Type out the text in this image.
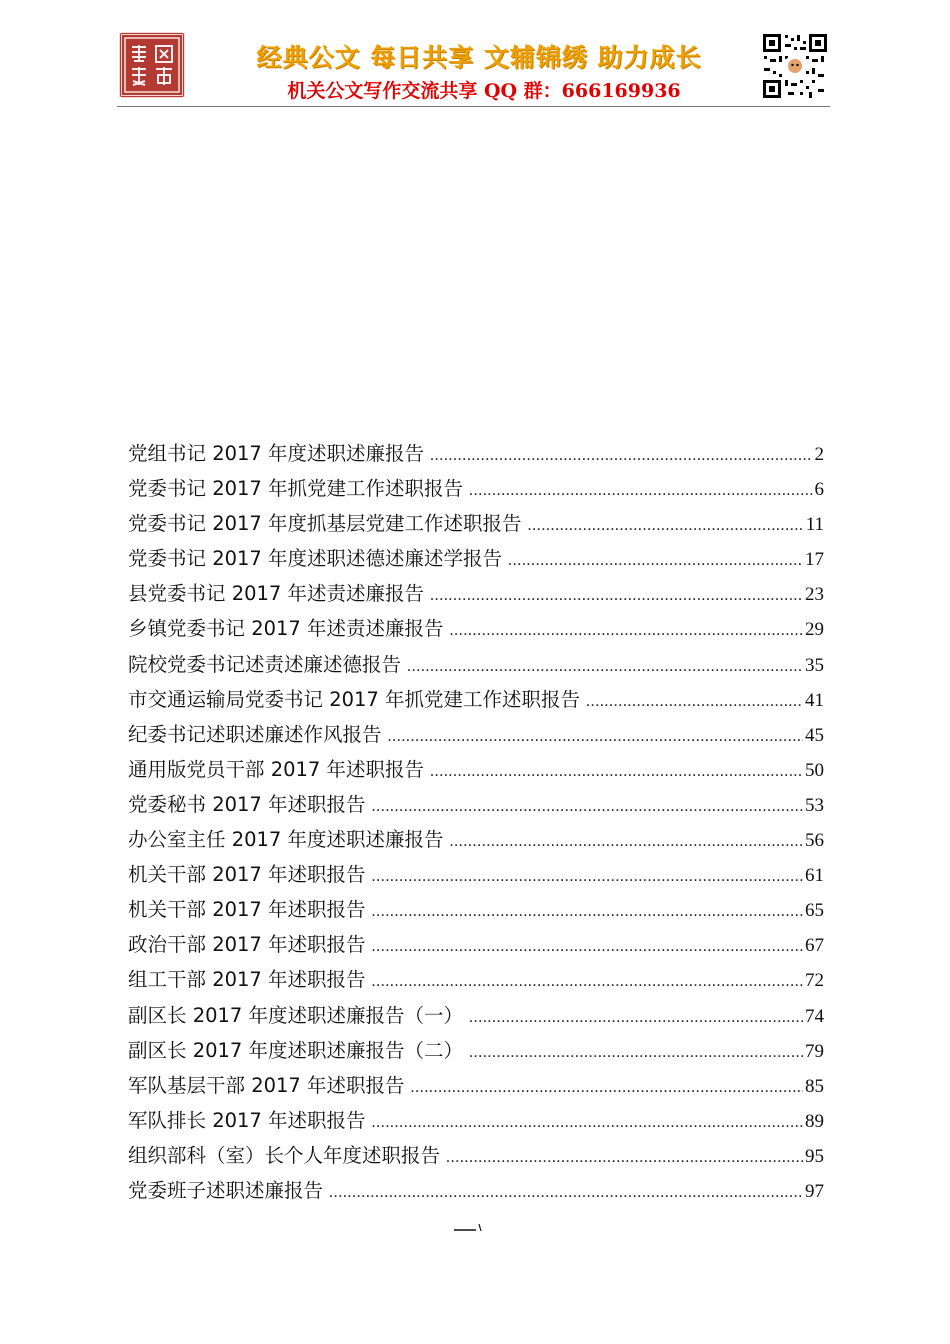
经典公文 每日共享 文辅锦绣 助力成长
机关公文写作交流共享 QQ 群：666169936
党组书记 2017 年度述职述廉报告 .....	2
党委书记 2017 年抓党建工作述职报告 .....	6
党委书记 2017 年度抓基层党建工作述职报告 .....	11
党委书记 2017 年度述职述德述廉述学报告 .....	17
县党委书记 2017 年述责述廉报告 .....	23
乡镇党委书记 2017 年述责述廉报告 .....	29
院校党委书记述责述廉述德报告 .....	35
市交通运输局党委书记 2017 年抓党建工作述职报告 .....	41
纪委书记述职述廉述作风报告 .....	45
通用版党员干部 2017 年述职报告 .....	50
党委秘书 2017 年述职报告 .....	53
办公室主任 2017 年度述职述廉报告 .....	56
机关干部 2017 年述职报告 .....	61
机关干部 2017 年述职报告 .....	65
政治干部 2017 年述职报告 .....	67
组工干部 2017 年述职报告 .....	72
副区长 2017 年度述职述廉报告（一） .....	74
副区长 2017 年度述职述廉报告（二） .....	79
军队基层干部 2017 年述职报告 .....	85
军队排长 2017 年述职报告 .....	89
组织部科（室）长个人年度述职报告 .....	95
党委班子述职述廉报告 .....	97
